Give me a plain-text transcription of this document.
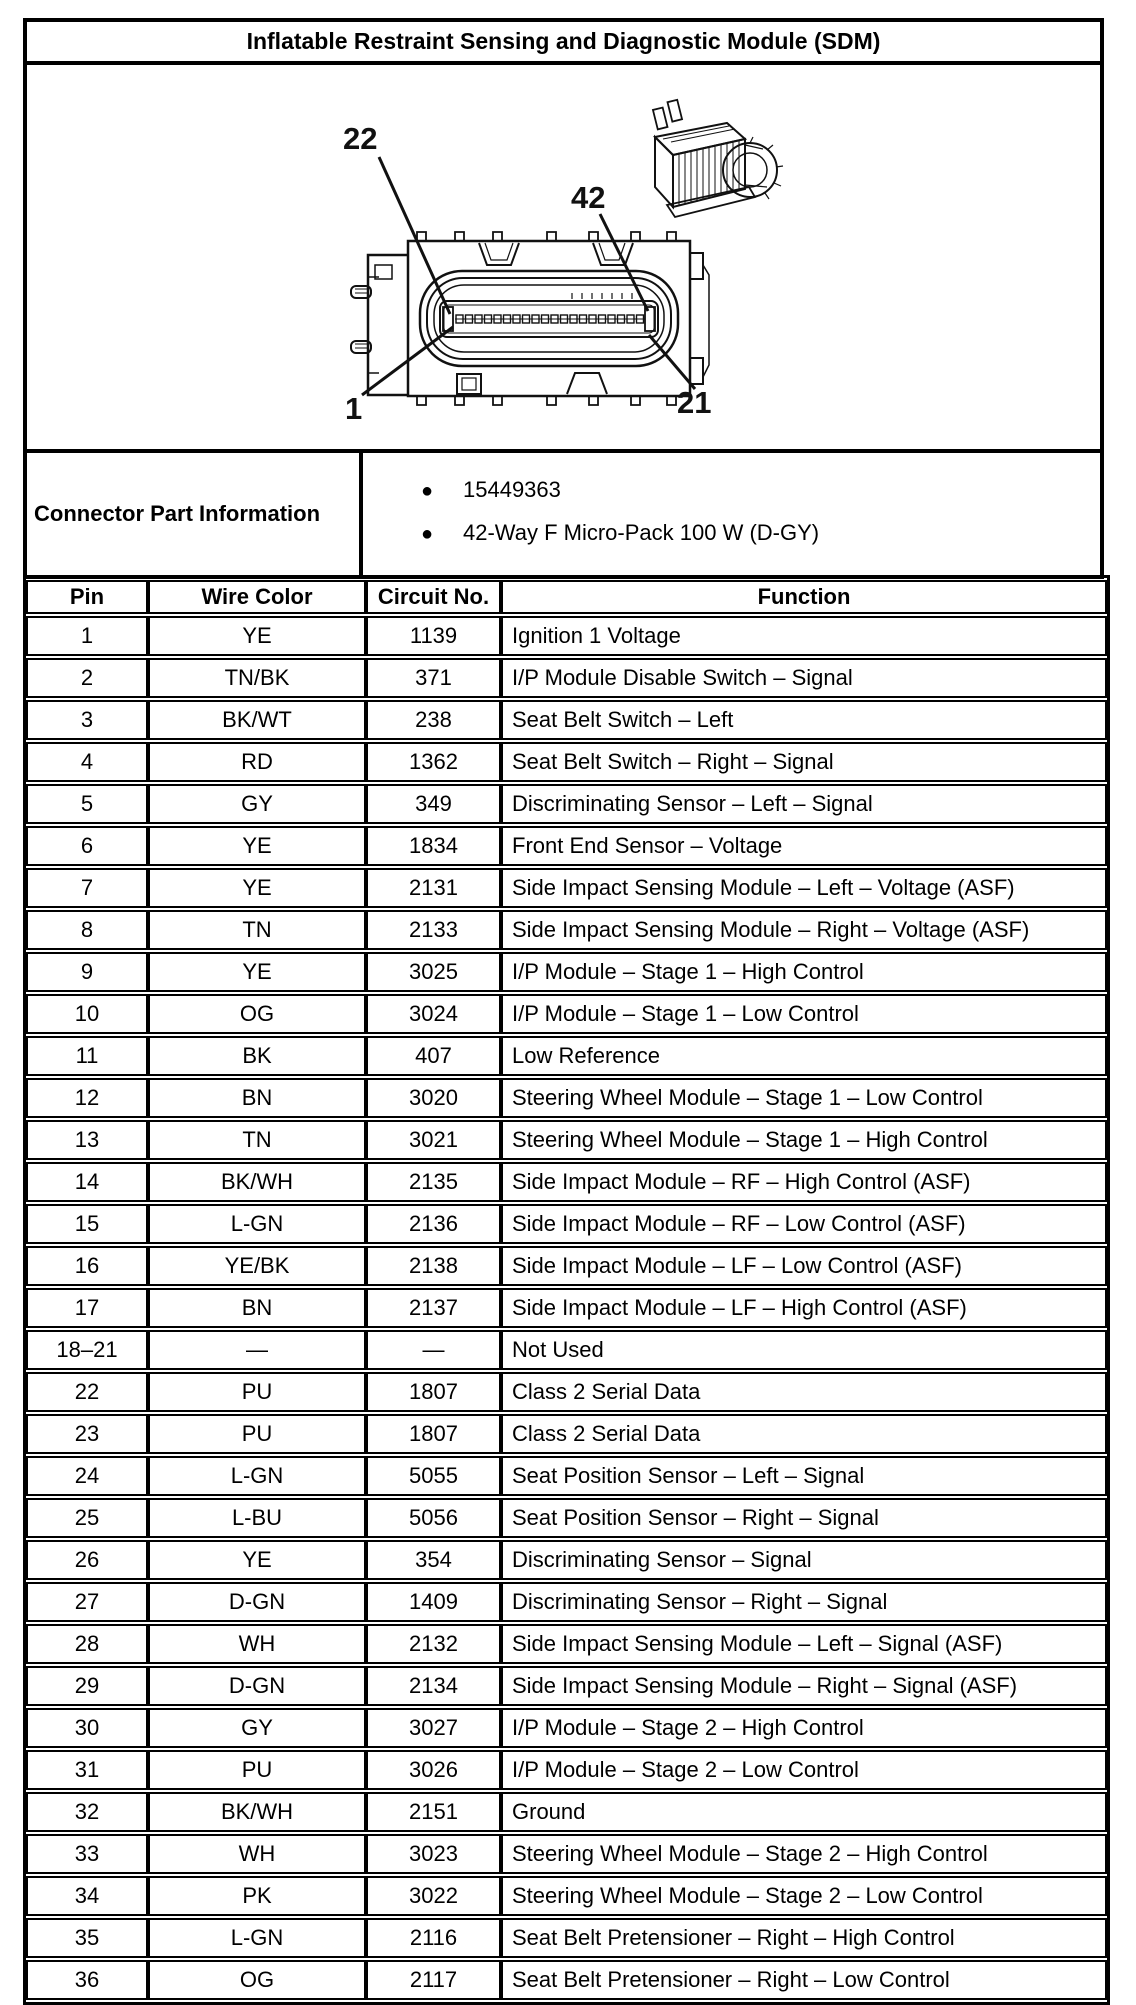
Inflatable Restraint Sensing and Diagnostic Module (SDM)
22
42
1	21
Connector Part Information
●	15449363
●	42-Way F Micro-Pack 100 W (D-GY)
Pin	Wire Color	Circuit No.	Function
1	YE	1139	Ignition 1 Voltage
2	TN/BK	371	I/P Module Disable Switch – Signal
3	BK/WT	238	Seat Belt Switch – Left
4	RD	1362	Seat Belt Switch – Right – Signal
5	GY	349	Discriminating Sensor – Left – Signal
6	YE	1834	Front End Sensor – Voltage
7	YE	2131	Side Impact Sensing Module – Left – Voltage (ASF)
8	TN	2133	Side Impact Sensing Module – Right – Voltage (ASF)
9	YE	3025	I/P Module – Stage 1 – High Control
10	OG	3024	I/P Module – Stage 1 – Low Control
11	BK	407	Low Reference
12	BN	3020	Steering Wheel Module – Stage 1 – Low Control
13	TN	3021	Steering Wheel Module – Stage 1 – High Control
14	BK/WH	2135	Side Impact Module – RF – High Control (ASF)
15	L-GN	2136	Side Impact Module – RF – Low Control (ASF)
16	YE/BK	2138	Side Impact Module – LF – Low Control (ASF)
17	BN	2137	Side Impact Module – LF – High Control (ASF)
18–21	—	—	Not Used
22	PU	1807	Class 2 Serial Data
23	PU	1807	Class 2 Serial Data
24	L-GN	5055	Seat Position Sensor – Left – Signal
25	L-BU	5056	Seat Position Sensor – Right – Signal
26	YE	354	Discriminating Sensor – Signal
27	D-GN	1409	Discriminating Sensor – Right – Signal
28	WH	2132	Side Impact Sensing Module – Left – Signal (ASF)
29	D-GN	2134	Side Impact Sensing Module – Right – Signal (ASF)
30	GY	3027	I/P Module – Stage 2 – High Control
31	PU	3026	I/P Module – Stage 2 – Low Control
32	BK/WH	2151	Ground
33	WH	3023	Steering Wheel Module – Stage 2 – High Control
34	PK	3022	Steering Wheel Module – Stage 2 – Low Control
35	L-GN	2116	Seat Belt Pretensioner – Right – High Control
36	OG	2117	Seat Belt Pretensioner – Right – Low Control
